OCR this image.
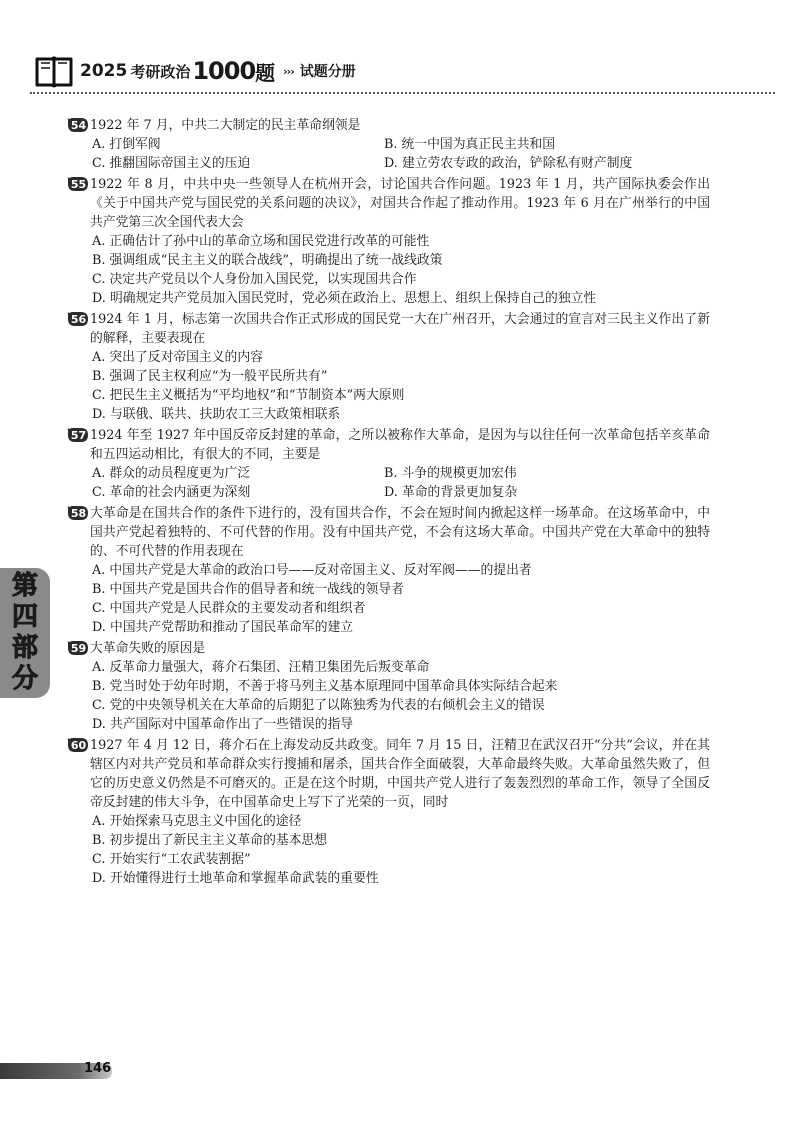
2025 考研政治 1000 题 ››› 试题分册
54 1922 年 7 月，中共二大制定的民主革命纲领是

A. 打倒军阀	B. 统一中国为真正民主共和国
C. 推翻国际帝国主义的压迫	D. 建立劳农专政的政治，铲除私有财产制度
55 1922 年 8 月，中共中央一些领导人在杭州开会，讨论国共合作问题。1923 年 1 月，共产国际执委会作出《关于中国共产党与国民党的关系问题的决议》，对国共合作起了推动作用。1923 年 6 月在广州举行的中国共产党第三次全国代表大会

A. 正确估计了孙中山的革命立场和国民党进行改革的可能性
B. 强调组成“民主主义的联合战线”，明确提出了统一战线政策
C. 决定共产党员以个人身份加入国民党，以实现国共合作
D. 明确规定共产党员加入国民党时，党必须在政治上、思想上、组织上保持自己的独立性
56 1924 年 1 月，标志第一次国共合作正式形成的国民党一大在广州召开，大会通过的宣言对三民主义作出了新的解释，主要表现在

A. 突出了反对帝国主义的内容
B. 强调了民主权利应“为一般平民所共有”
C. 把民生主义概括为“平均地权”和“节制资本”两大原则
D. 与联俄、联共、扶助农工三大政策相联系
57 1924 年至 1927 年中国反帝反封建的革命，之所以被称作大革命，是因为与以往任何一次革命包括辛亥革命和五四运动相比，有很大的不同，主要是

A. 群众的动员程度更为广泛	B. 斗争的规模更加宏伟
C. 革命的社会内涵更为深刻	D. 革命的背景更加复杂
58 大革命是在国共合作的条件下进行的，没有国共合作，不会在短时间内掀起这样一场革命。在这场革命中，中国共产党起着独特的、不可代替的作用。没有中国共产党，不会有这场大革命。中国共产党在大革命中的独特的、不可代替的作用表现在

A. 中国共产党是大革命的政治口号——反对帝国主义、反对军阀——的提出者
B. 中国共产党是国共合作的倡导者和统一战线的领导者
C. 中国共产党是人民群众的主要发动者和组织者
D. 中国共产党帮助和推动了国民革命军的建立
59 大革命失败的原因是

A. 反革命力量强大，蒋介石集团、汪精卫集团先后叛变革命
B. 党当时处于幼年时期，不善于将马列主义基本原理同中国革命具体实际结合起来
C. 党的中央领导机关在大革命的后期犯了以陈独秀为代表的右倾机会主义的错误
D. 共产国际对中国革命作出了一些错误的指导
60 1927 年 4 月 12 日，蒋介石在上海发动反共政变。同年 7 月 15 日，汪精卫在武汉召开“分共”会议，并在其辖区内对共产党员和革命群众实行搜捕和屠杀，国共合作全面破裂，大革命最终失败。大革命虽然失败了，但它的历史意义仍然是不可磨灭的。正是在这个时期，中国共产党人进行了轰轰烈烈的革命工作，领导了全国反帝反封建的伟大斗争，在中国革命史上写下了光荣的一页，同时

A. 开始探索马克思主义中国化的途径
B. 初步提出了新民主主义革命的基本思想
C. 开始实行“工农武装割据”
D. 开始懂得进行土地革命和掌握革命武装的重要性
第
四
部
分
146
